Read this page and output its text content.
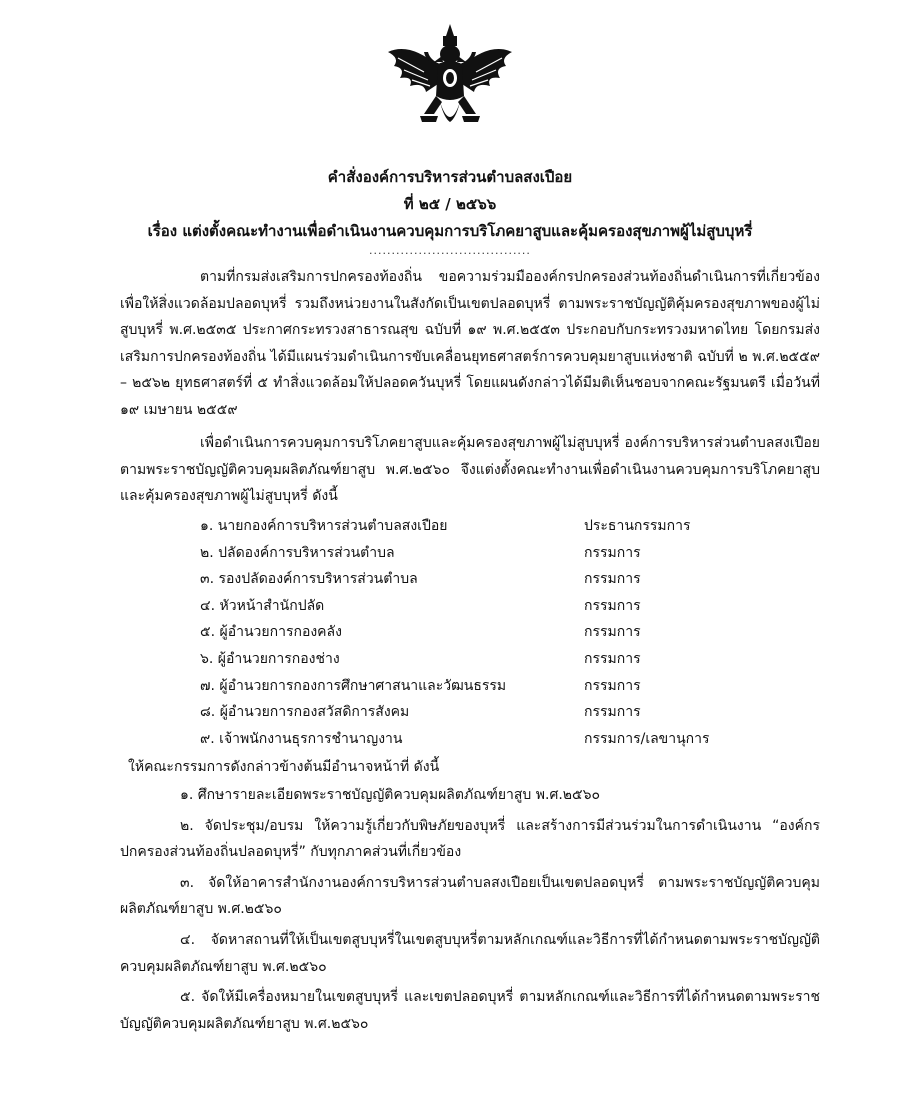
คำสั่งองค์การบริหารส่วนตำบลสงเปือย
ที่ ๒๕ / ๒๕๖๖
เรื่อง แต่งตั้งคณะทำงานเพื่อดำเนินงานควบคุมการบริโภคยาสูบและคุ้มครองสุขภาพผู้ไม่สูบบุหรี่
....................................
ตามที่กรมส่งเสริมการปกครองท้องถิ่น ขอความร่วมมือองค์กรปกครองส่วนท้องถิ่นดำเนินการที่เกี่ยวข้องเพื่อให้สิ่งแวดล้อมปลอดบุหรี่ รวมถึงหน่วยงานในสังกัดเป็นเขตปลอดบุหรี่ ตามพระราชบัญญัติคุ้มครองสุขภาพของผู้ไม่สูบบุหรี่ พ.ศ.๒๕๓๕ ประกาศกระทรวงสาธารณสุข ฉบับที่ ๑๙ พ.ศ.๒๕๕๓ ประกอบกับกระทรวงมหาดไทย โดยกรมส่งเสริมการปกครองท้องถิ่น ได้มีแผนร่วมดำเนินการขับเคลื่อนยุทธศาสตร์การควบคุมยาสูบแห่งชาติ ฉบับที่ ๒ พ.ศ.๒๕๕๙ – ๒๕๖๒ ยุทธศาสตร์ที่ ๕ ทำสิ่งแวดล้อมให้ปลอดควันบุหรี่ โดยแผนดังกล่าวได้มีมติเห็นชอบจากคณะรัฐมนตรี เมื่อวันที่ ๑๙ เมษายน ๒๕๕๙
เพื่อดำเนินการควบคุมการบริโภคยาสูบและคุ้มครองสุขภาพผู้ไม่สูบบุหรี่ องค์การบริหารส่วนตำบลสงเปือย ตามพระราชบัญญัติควบคุมผลิตภัณฑ์ยาสูบ พ.ศ.๒๕๖๐ จึงแต่งตั้งคณะทำงานเพื่อดำเนินงานควบคุมการบริโภคยาสูบและคุ้มครองสุขภาพผู้ไม่สูบบุหรี่ ดังนี้
๑. นายกองค์การบริหารส่วนตำบลสงเปือย	ประธานกรรมการ
๒. ปลัดองค์การบริหารส่วนตำบล	กรรมการ
๓. รองปลัดองค์การบริหารส่วนตำบล	กรรมการ
๔. หัวหน้าสำนักปลัด	กรรมการ
๕. ผู้อำนวยการกองคลัง	กรรมการ
๖. ผู้อำนวยการกองช่าง	กรรมการ
๗. ผู้อำนวยการกองการศึกษาศาสนาและวัฒนธรรม	กรรมการ
๘. ผู้อำนวยการกองสวัสดิการสังคม	กรรมการ
๙. เจ้าพนักงานธุรการชำนาญงาน	กรรมการ/เลขานุการ
ให้คณะกรรมการดังกล่าวข้างต้นมีอำนาจหน้าที่ ดังนี้
๑. ศึกษารายละเอียดพระราชบัญญัติควบคุมผลิตภัณฑ์ยาสูบ พ.ศ.๒๕๖๐
๒. จัดประชุม/อบรม ให้ความรู้เกี่ยวกับพิษภัยของบุหรี่ และสร้างการมีส่วนร่วมในการดำเนินงาน “องค์กรปกครองส่วนท้องถิ่นปลอดบุหรี่” กับทุกภาคส่วนที่เกี่ยวข้อง
๓. จัดให้อาคารสำนักงานองค์การบริหารส่วนตำบลสงเปือยเป็นเขตปลอดบุหรี่ ตามพระราชบัญญัติควบคุมผลิตภัณฑ์ยาสูบ พ.ศ.๒๕๖๐
๔. จัดหาสถานที่ให้เป็นเขตสูบบุหรี่ในเขตสูบบุหรี่ตามหลักเกณฑ์และวิธีการที่ได้กำหนดตามพระราชบัญญัติควบคุมผลิตภัณฑ์ยาสูบ พ.ศ.๒๕๖๐
๕. จัดให้มีเครื่องหมายในเขตสูบบุหรี่ และเขตปลอดบุหรี่ ตามหลักเกณฑ์และวิธีการที่ได้กำหนดตามพระราชบัญญัติควบคุมผลิตภัณฑ์ยาสูบ พ.ศ.๒๕๖๐
